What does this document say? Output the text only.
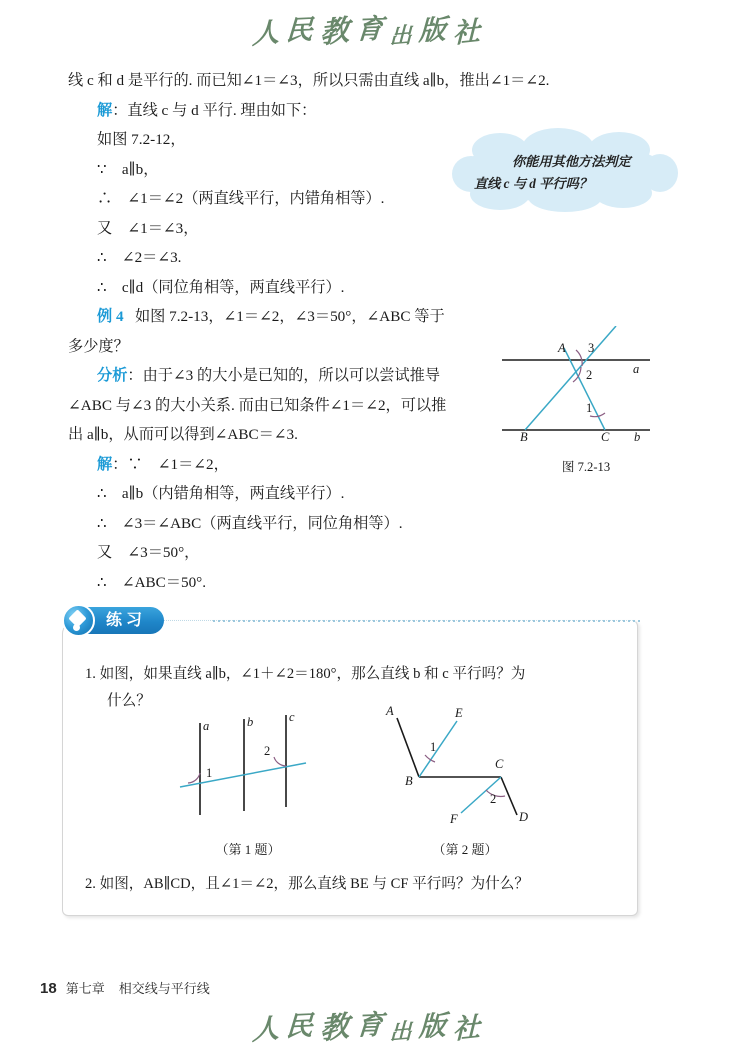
人民教育出版社
线 c 和 d 是平行的. 而已知∠1＝∠3，所以只需由直线 a∥b，推出∠1＝∠2.
解：直线 c 与 d 平行. 理由如下：
如图 7.2-12，
∵　a∥b，
∴　∠1＝∠2（两直线平行，内错角相等）.
又　∠1＝∠3，
∴　∠2＝∠3.
∴　c∥d（同位角相等，两直线平行）.
例 4 如图 7.2-13，∠1＝∠2，∠3＝50°，∠ABC 等于
多少度？
分析：由于∠3 的大小是已知的，所以可以尝试推导
∠ABC 与∠3 的大小关系. 而由已知条件∠1＝∠2，可以推
出 a∥b，从而可以得到∠ABC＝∠3.
解：∵　∠1＝∠2，
∴　a∥b（内错角相等，两直线平行）.
∴　∠3＝∠ABC（两直线平行，同位角相等）.
又　∠3＝50°，
∴　∠ABC＝50°.
你能用其他方法判定
直线 c 与 d 平行吗？
A
B	C
a
b
3
2
1
图 7.2-13
练习
1. 如图，如果直线 a∥b，∠1＋∠2＝180°，那么直线 b 和 c 平行吗？为
什么？
a	b	c
1
2
（第 1 题）
A
B
C
D
E
F
1
2
（第 2 题）
2. 如图，AB∥CD，且∠1＝∠2，那么直线 BE 与 CF 平行吗？为什么？
18 第七章 相交线与平行线
人民教育出版社
